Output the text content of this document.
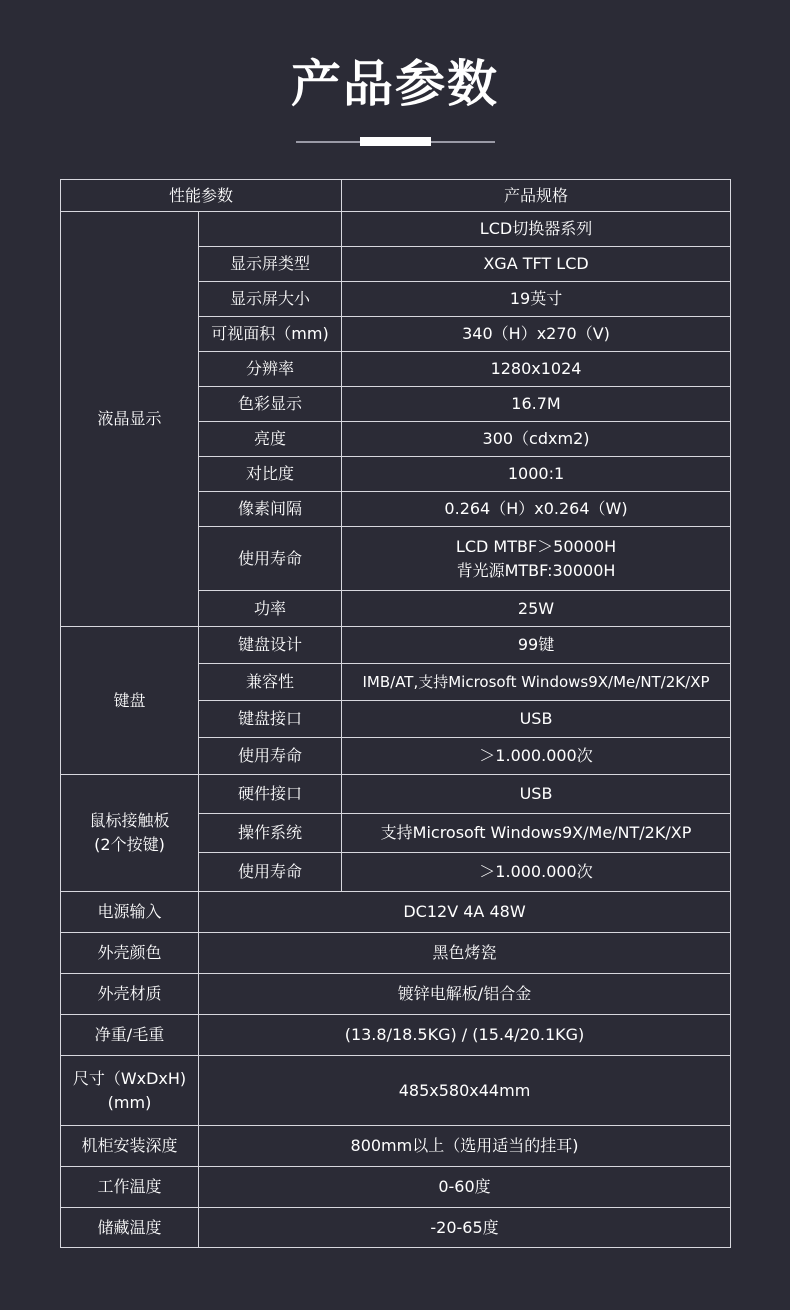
产品参数
性能参数		产品规格
液晶显示		LCD切换器系列
	显示屏类型	XGA TFT LCD
	显示屏大小	19英寸
	可视面积（mm)	340（H）x270（V)
	分辨率	1280x1024
	色彩显示	16.7M
	亮度	300（cdxm2)
	对比度	1000:1
	像素间隔	0.264（H）x0.264（W)
	使用寿命	LCD MTBF＞50000H
背光源MTBF:30000H

	功率	25W
键盘	键盘设计	99键
	兼容性	IMB/AT,支持Microsoft Windows9X/Me/NT/2K/XP
	键盘接口	USB
	使用寿命	＞1.000.000次

鼠标接触板
(2个按键)	硬件接口	USB
	操作系统	支持Microsoft Windows9X/Me/NT/2K/XP
	使用寿命	＞1.000.000次
电源输入	DC12V 4A 48W	
外壳颜色	黑色烤瓷	
外壳材质	镀锌电解板/铝合金	
净重/毛重	(13.8/18.5KG) / (15.4/20.1KG)	

尺寸（WxDxH)
(mm)	485x580x44mm	
机柜安装深度	800mm以上（选用适当的挂耳)	
工作温度	0-60度	
储藏温度	-20-65度	
